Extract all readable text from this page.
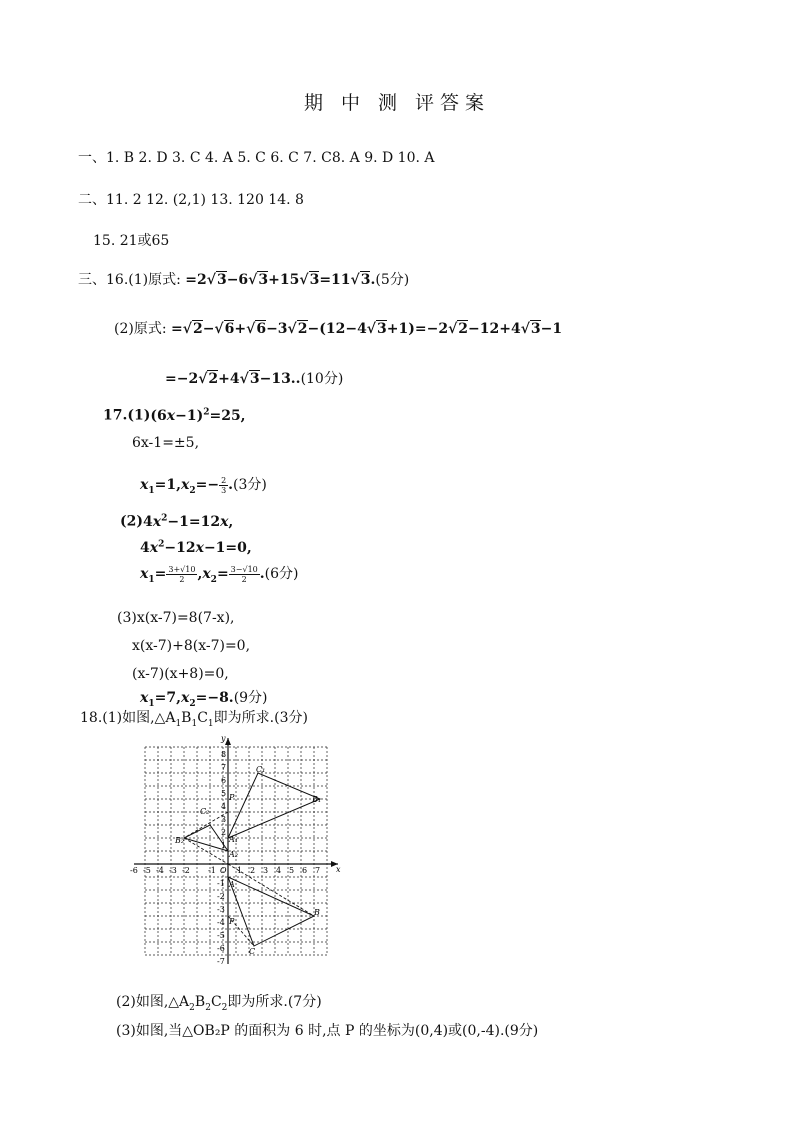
期 中 测 评答案
一、1. B 2. D 3. C 4. A 5. C 6. C 7. C8. A 9. D 10. A
二、11. 2 12. (2,1) 13. 120 14. 8
15. 21或65
三、16.(1)原式: =2√3−6√3+15√3=11√3.(5分)
(2)原式: =√2−√6+√6−3√2−(12−4√3+1)=−2√2−12+4√3−1
=−2√2+4√3−13..(10分)
$17.(1)(6x-1)^2=25$,
6x-1=±5,
$x_1=1,x_2=- \frac{2}{3} .(3$分)
$(2)4x^2-1=12x$,
$4x^2-12x-1=0$,
$x_1= \frac{3+√10}{2} ,x_2= \frac{3-√10}{2} .(6$分)
(3)x(x-7)=8(7-x),
x(x-7)+8(x-7)=0,
(x-7)(x+8)=0,
$x_1=7,x_2=-8.(9$分)
18.(1)如图$,\triangle A_1B_1C_1$即为所求.(3分)
x
y
O
-6 -5 -4 -3 -2 -1	1 2 3 4 5 6 7
8
7
6
5
4
3
2
1
-1
-2
-3
-4
-5
-6
-7
C₁
B₁
A₁
A₂
C₂
B₂
P
A
B
P
C
(2)如图$,\triangle A_2B_2C_2$即为所求.(7分)
(3)如图,当△OB₂P 的面积为 6 时,点 P 的坐标为(0,4)或(0,-4).(9分)
